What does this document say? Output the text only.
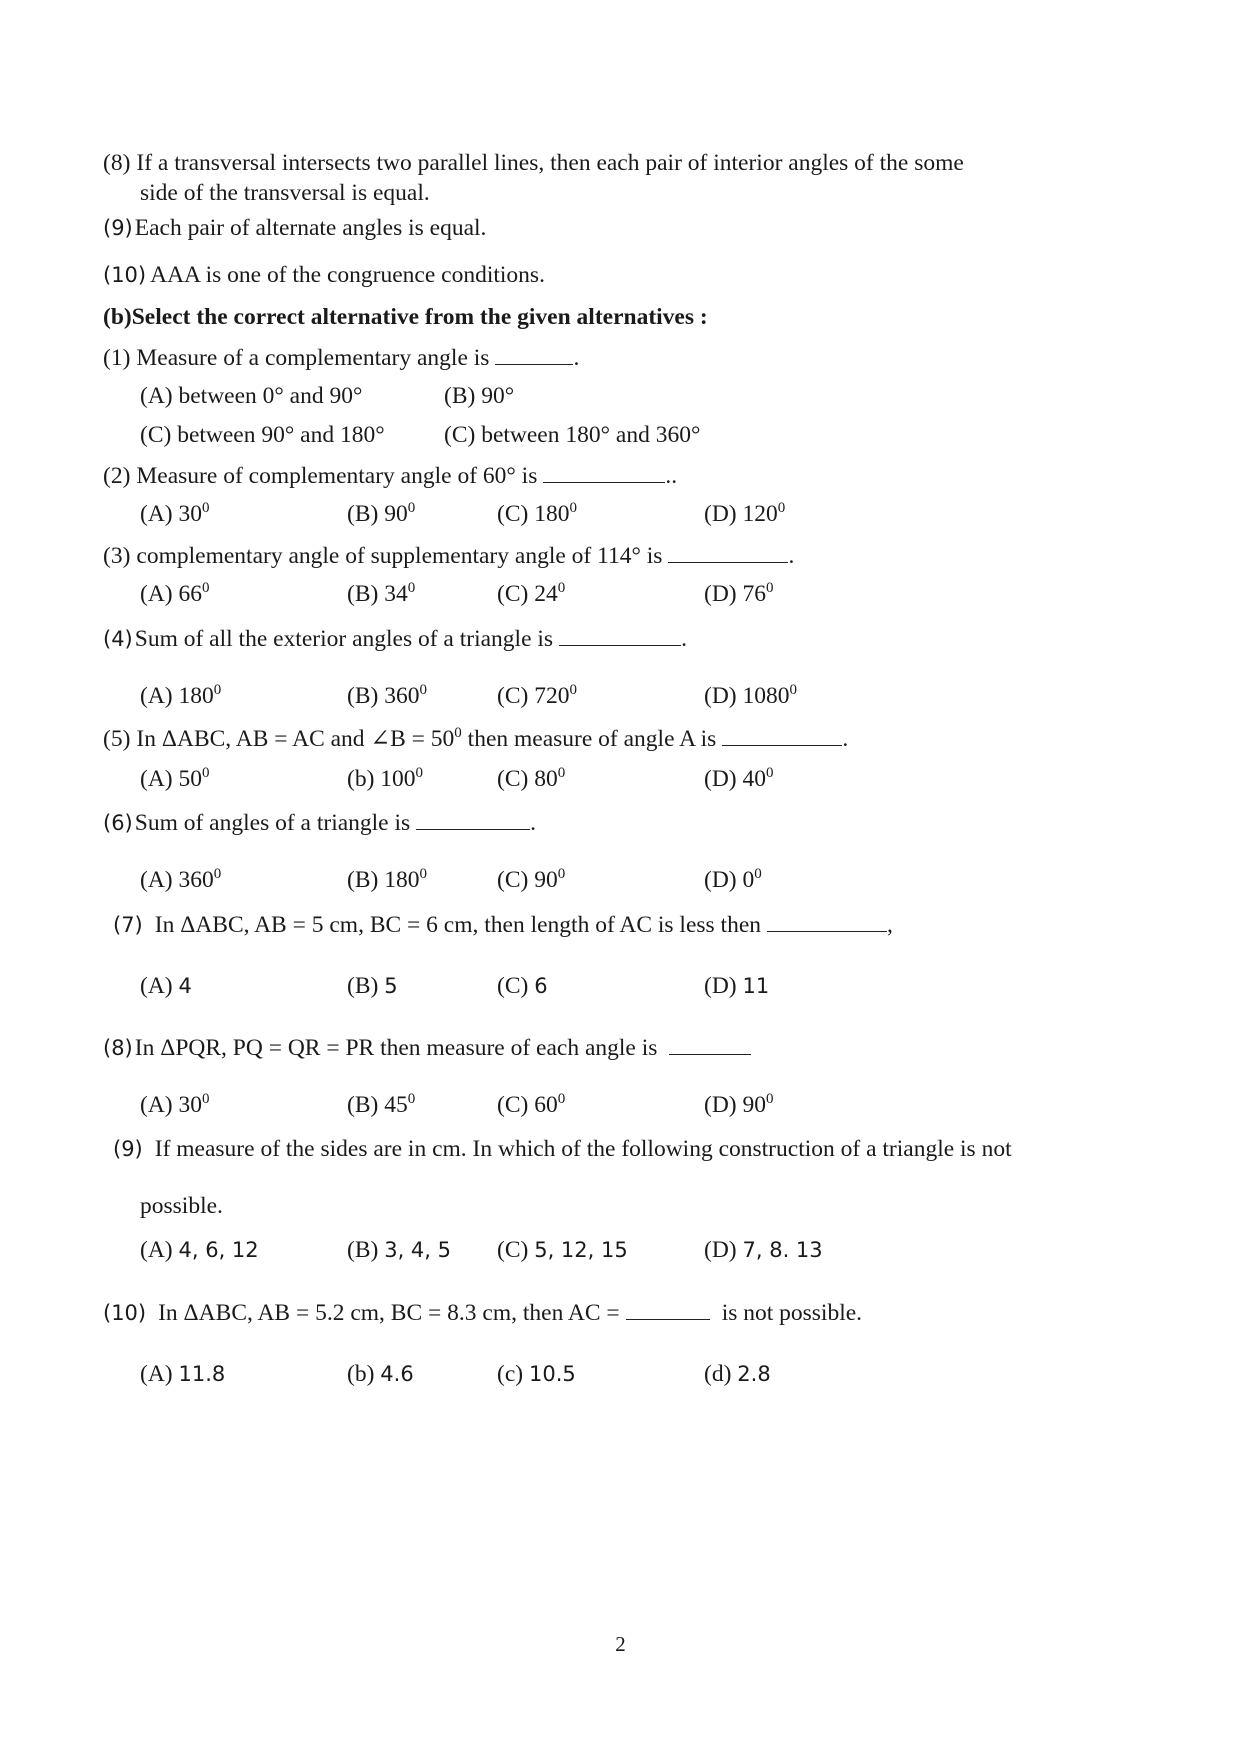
(8) If a transversal intersects two parallel lines, then each pair of interior angles of the some
side of the transversal is equal.
(9)Each pair of alternate angles is equal.
(10) AAA is one of the congruence conditions.
(b)Select the correct alternative from the given alternatives :
(1) Measure of a complementary angle is	.
(A) between 0° and 90°	(B) 90°
(C) between 90° and 180°	(C) between 180° and 360°
(2) Measure of complementary angle of 60° is	..
(A) $30^0$	(B) $90^0$	(C) $180^0$	(D) $120^0$
(3) complementary angle of supplementary angle of 114° is	.
(A) $66^0$	(B) $34^0$	(C) $24^0$	(D) $76^0$
(4)Sum of all the exterior angles of a triangle is	.
(A) $180^0$	(B) $360^0$	(C) $720^0$	(D) 1080$^0$
(5) In ΔABC, AB = AC and ∠B = $50^0$ then measure of angle A is	.
(A) $50^0$	(b) $100^0$	(C) $80^0$	(D) $40^0$
(6)Sum of angles of a triangle is	.
(A) $360^0$	(B) $180^0$	(C) $90^0$	(D) $0^0$
(7) In ΔABC, AB = 5 cm, BC = 6 cm, then length of AC is less then	,
(A) 4	(B) 5	(C) 6	(D) 11
(8)In ΔPQR, PQ = QR = PR then measure of each angle is
(A) $30^0$	(B) $45^0$	(C) $60^0$	(D) $90^0$
(9) If measure of the sides are in cm. In which of the following construction of a triangle is not
possible.
(A) 4, 6, 12	(B) 3, 4, 5 (C) 5, 12, 15	(D) 7, 8. 13
(10) In ΔABC, AB = 5.2 cm, BC = 8.3 cm, then AC =	is not possible.
(A) 11.8	(b) 4.6	(c) 10.5	(d) 2.8
2
